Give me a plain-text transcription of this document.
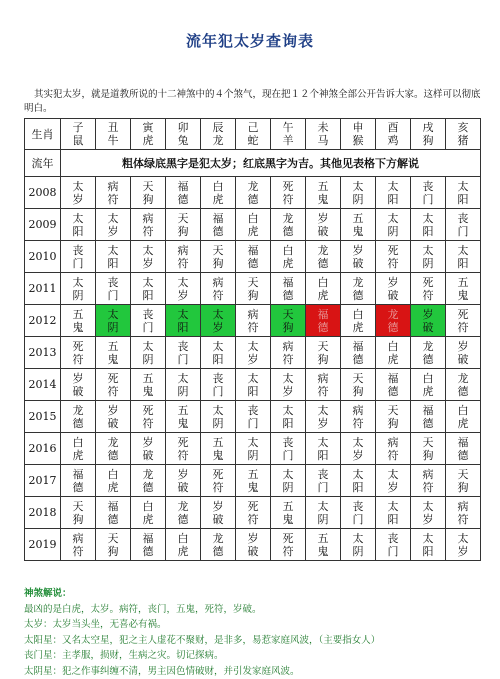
流年犯太岁查询表
其实犯太岁，就是道教所说的十二神煞中的４个煞气，现在把１２个神煞全部公开告诉大家。这样可以彻底明白。
生肖	子鼠	丑牛	寅虎	卯兔	辰龙	己蛇	午羊	未马	申猴	酉鸡	戌狗	亥猪
流年	粗体绿底黑字是犯太岁；红底黑字为吉。其他见表格下方解说											
2008	太岁	病符	天狗	福德	白虎	龙德	死符	五鬼	太阴	太阳	丧门	太阳
2009	太阳	太岁	病符	天狗	福德	白虎	龙德	岁破	五鬼	太阴	太阳	丧门
2010	丧门	太阳	太岁	病符	天狗	福德	白虎	龙德	岁破	死符	太阴	太阳
2011	太阴	丧门	太阳	太岁	病符	天狗	福德	白虎	龙德	岁破	死符	五鬼
2012	五鬼	太阴	丧门	太阳	太岁	病符	天狗	福德	白虎	龙德	岁破	死符
2013	死符	五鬼	太阴	丧门	太阳	太岁	病符	天狗	福德	白虎	龙德	岁破
2014	岁破	死符	五鬼	太阴	丧门	太阳	太岁	病符	天狗	福德	白虎	龙德
2015	龙德	岁破	死符	五鬼	太阴	丧门	太阳	太岁	病符	天狗	福德	白虎
2016	白虎	龙德	岁破	死符	五鬼	太阴	丧门	太阳	太岁	病符	天狗	福德
2017	福德	白虎	龙德	岁破	死符	五鬼	太阴	丧门	太阳	太岁	病符	天狗
2018	天狗	福德	白虎	龙德	岁破	死符	五鬼	太阴	丧门	太阳	太岁	病符
2019	病符	天狗	福德	白虎	龙德	岁破	死符	五鬼	太阴	丧门	太阳	太岁
神煞解说：
最凶的是白虎，太岁。病符，丧门，五鬼，死符，岁破。
太岁：太岁当头坐，无喜必有祸。
太阳星：又名太空星，犯之主人虚花不聚财，是非多，易惹家庭风波，（主要指女人）
丧门星：主孝服，损财，生病之灾。切记探病。
太阴星：犯之作事纠缠不清，男主因色情破财，并引发家庭风波。
